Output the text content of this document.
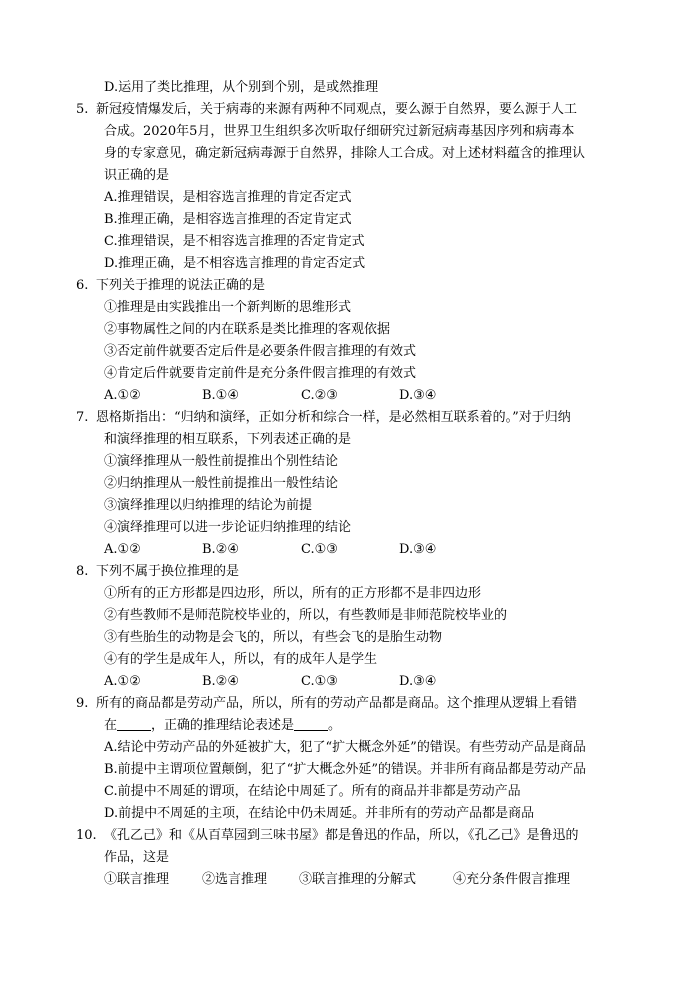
D.运用了类比推理，从个别到个别，是或然推理
5. 新冠疫情爆发后，关于病毒的来源有两种不同观点，要么源于自然界，要么源于人工
合成。2020年5月，世界卫生组织多次听取仔细研究过新冠病毒基因序列和病毒本
身的专家意见，确定新冠病毒源于自然界，排除人工合成。对上述材料蕴含的推理认
识正确的是
A.推理错误，是相容选言推理的肯定否定式
B.推理正确，是相容选言推理的否定肯定式
C.推理错误，是不相容选言推理的否定肯定式
D.推理正确，是不相容选言推理的肯定否定式
6. 下列关于推理的说法正确的是
①推理是由实践推出一个新判断的思维形式
②事物属性之间的内在联系是类比推理的客观依据
③否定前件就要否定后件是必要条件假言推理的有效式
④肯定后件就要肯定前件是充分条件假言推理的有效式
A.①②	B.①④	C.②③	D.③④
7. 恩格斯指出：“归纳和演绎，正如分析和综合一样，是必然相互联系着的。”对于归纳
和演绎推理的相互联系，下列表述正确的是
①演绎推理从一般性前提推出个别性结论
②归纳推理从一般性前提推出一般性结论
③演绎推理以归纳推理的结论为前提
④演绎推理可以进一步论证归纳推理的结论
A.①②	B.②④	C.①③	D.③④
8. 下列不属于换位推理的是
①所有的正方形都是四边形，所以，所有的正方形都不是非四边形
②有些教师不是师范院校毕业的，所以，有些教师是非师范院校毕业的
③有些胎生的动物是会飞的，所以，有些会飞的是胎生动物
④有的学生是成年人，所以，有的成年人是学生
A.①②	B.②④	C.①③	D.③④
9. 所有的商品都是劳动产品，所以，所有的劳动产品都是商品。这个推理从逻辑上看错
在	，正确的推理结论表述是	。
A.结论中劳动产品的外延被扩大，犯了“扩大概念外延”的错误。有些劳动产品是商品
B.前提中主谓项位置颠倒，犯了“扩大概念外延”的错误。并非所有商品都是劳动产品
C.前提中不周延的谓项，在结论中周延了。所有的商品并非都是劳动产品
D.前提中不周延的主项，在结论中仍未周延。并非所有的劳动产品都是商品
10. 《孔乙己》和《从百草园到三味书屋》都是鲁迅的作品，所以，《孔乙己》是鲁迅的
作品，这是
①联言推理	②选言推理 ③联言推理的分解式	④充分条件假言推理
